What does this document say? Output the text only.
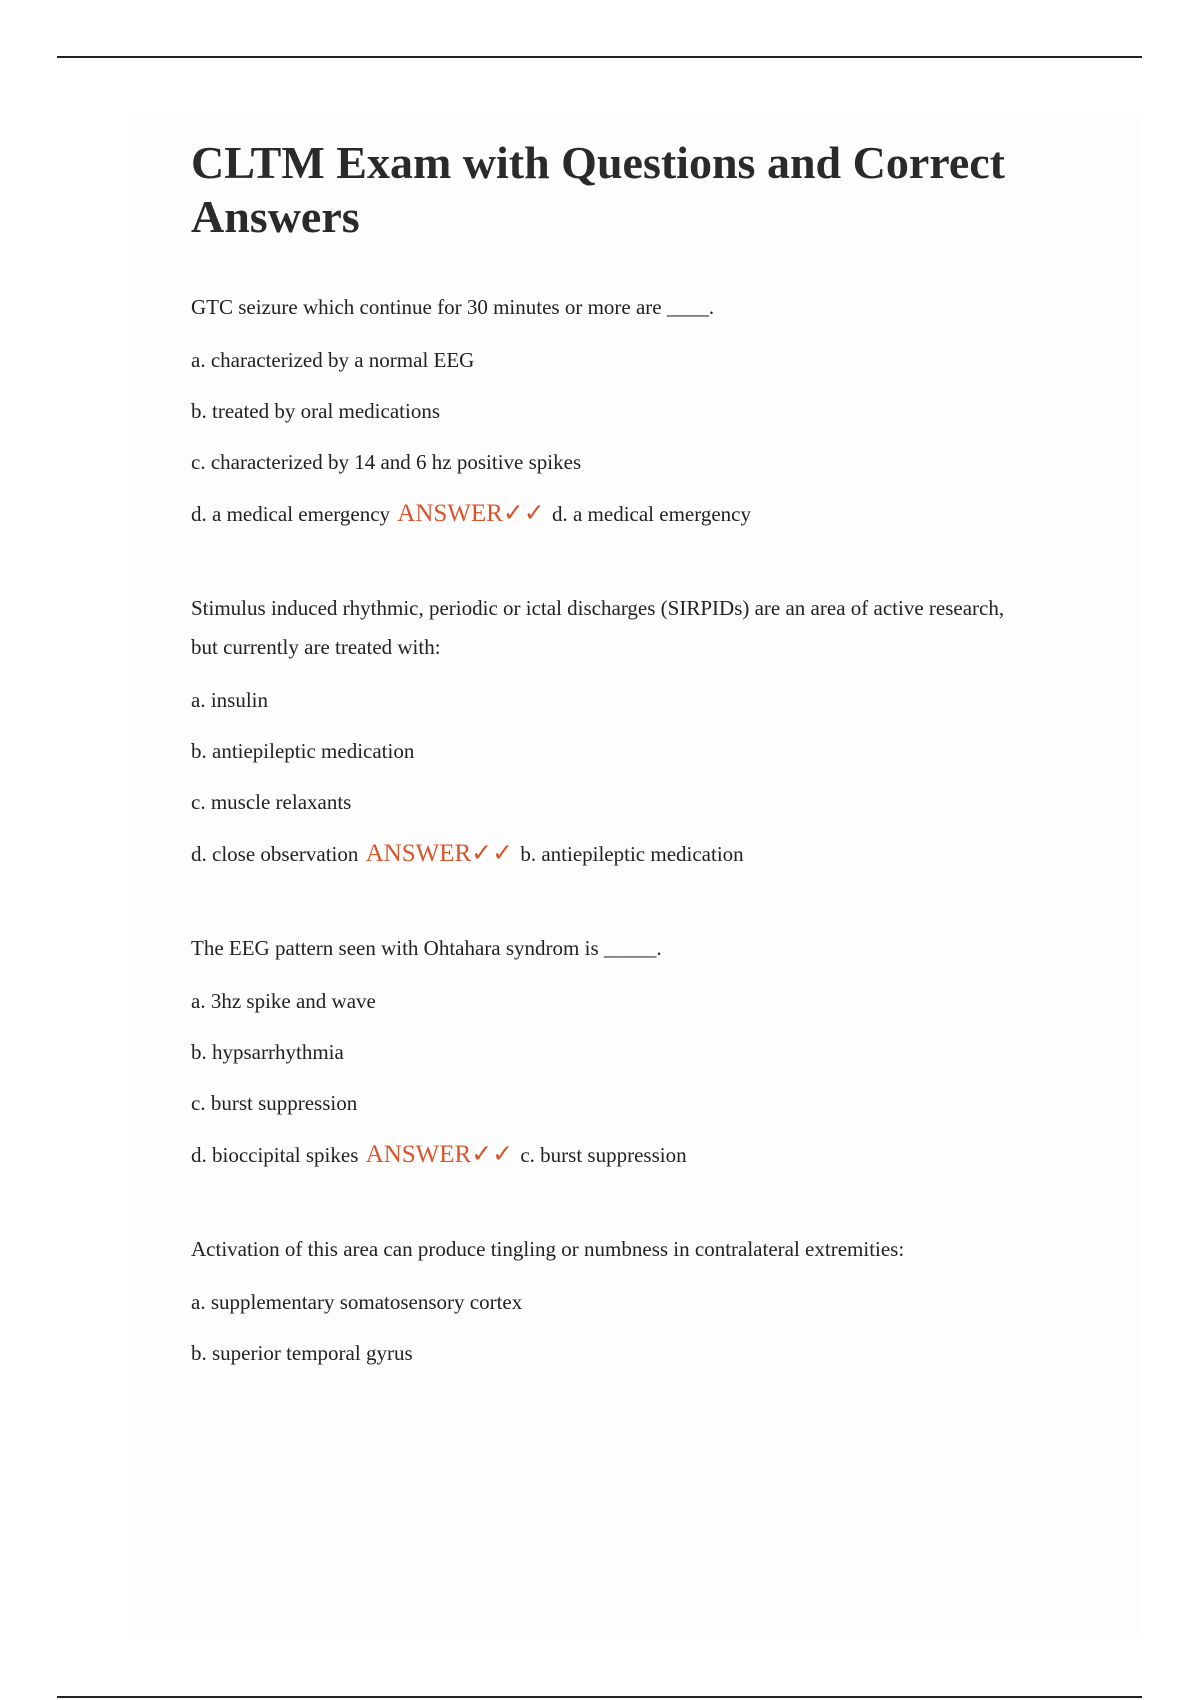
CLTM Exam with Questions and Correct Answers

GTC seizure which continue for 30 minutes or more are ____.

a. characterized by a normal EEG

b. treated by oral medications

c. characterized by 14 and 6 hz positive spikes

d. a medical emergency ANSWER✓✓ d. a medical emergency

Stimulus induced rhythmic, periodic or ictal discharges (SIRPIDs) are an area of active research, but currently are treated with:

a. insulin

b. antiepileptic medication

c. muscle relaxants

d. close observation ANSWER✓✓ b. antiepileptic medication

The EEG pattern seen with Ohtahara syndrom is _____.

a. 3hz spike and wave

b. hypsarrhythmia

c. burst suppression

d. bioccipital spikes ANSWER✓✓ c. burst suppression

Activation of this area can produce tingling or numbness in contralateral extremities:

a. supplementary somatosensory cortex

b. superior temporal gyrus
